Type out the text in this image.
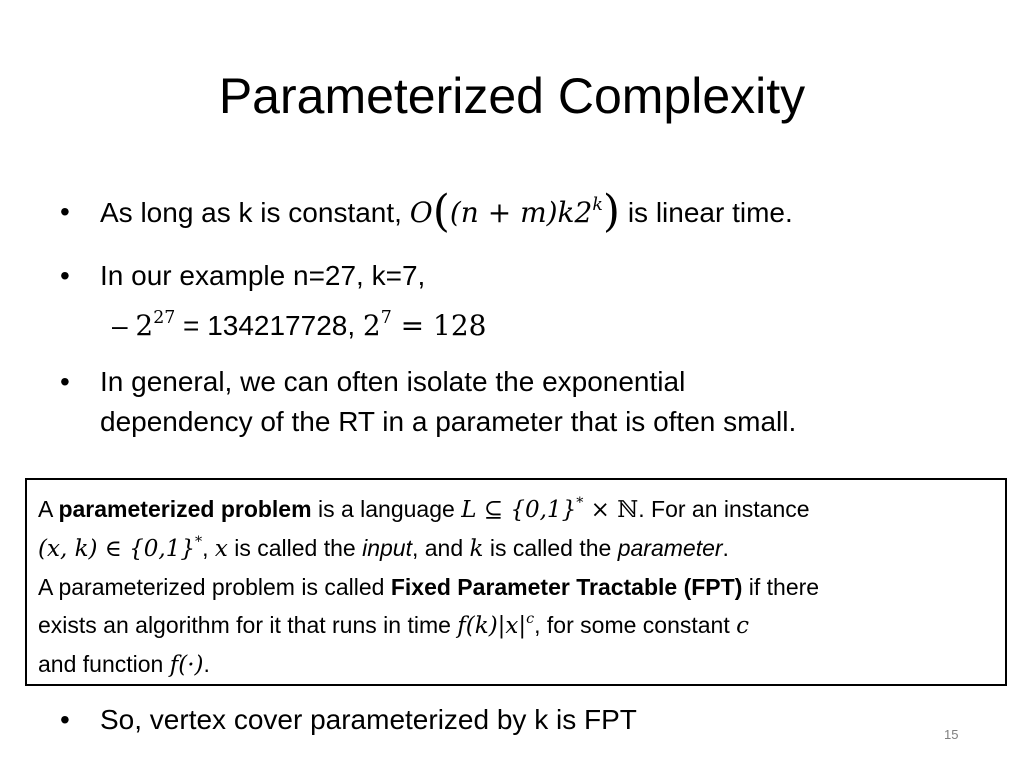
Parameterized Complexity
• As long as k is constant, $O((n + m)k2^k)$ is linear time.
• In our example n=27, k=7,
– $2^{27} = 134217728$, $2^7 = 128$
• In general, we can often isolate the exponential
dependency of the RT in a parameter that is often small.
A parameterized problem is a language L ⊆ {0,1}* × ℕ. For an instance
(x, k) ∈ {0,1}*, x is called the input, and k is called the parameter.
A parameterized problem is called Fixed Parameter Tractable (FPT) if there
exists an algorithm for it that runs in time $f(k)|x|^c$, for some constant c
and function f(·).
• So, vertex cover parameterized by k is FPT	15
